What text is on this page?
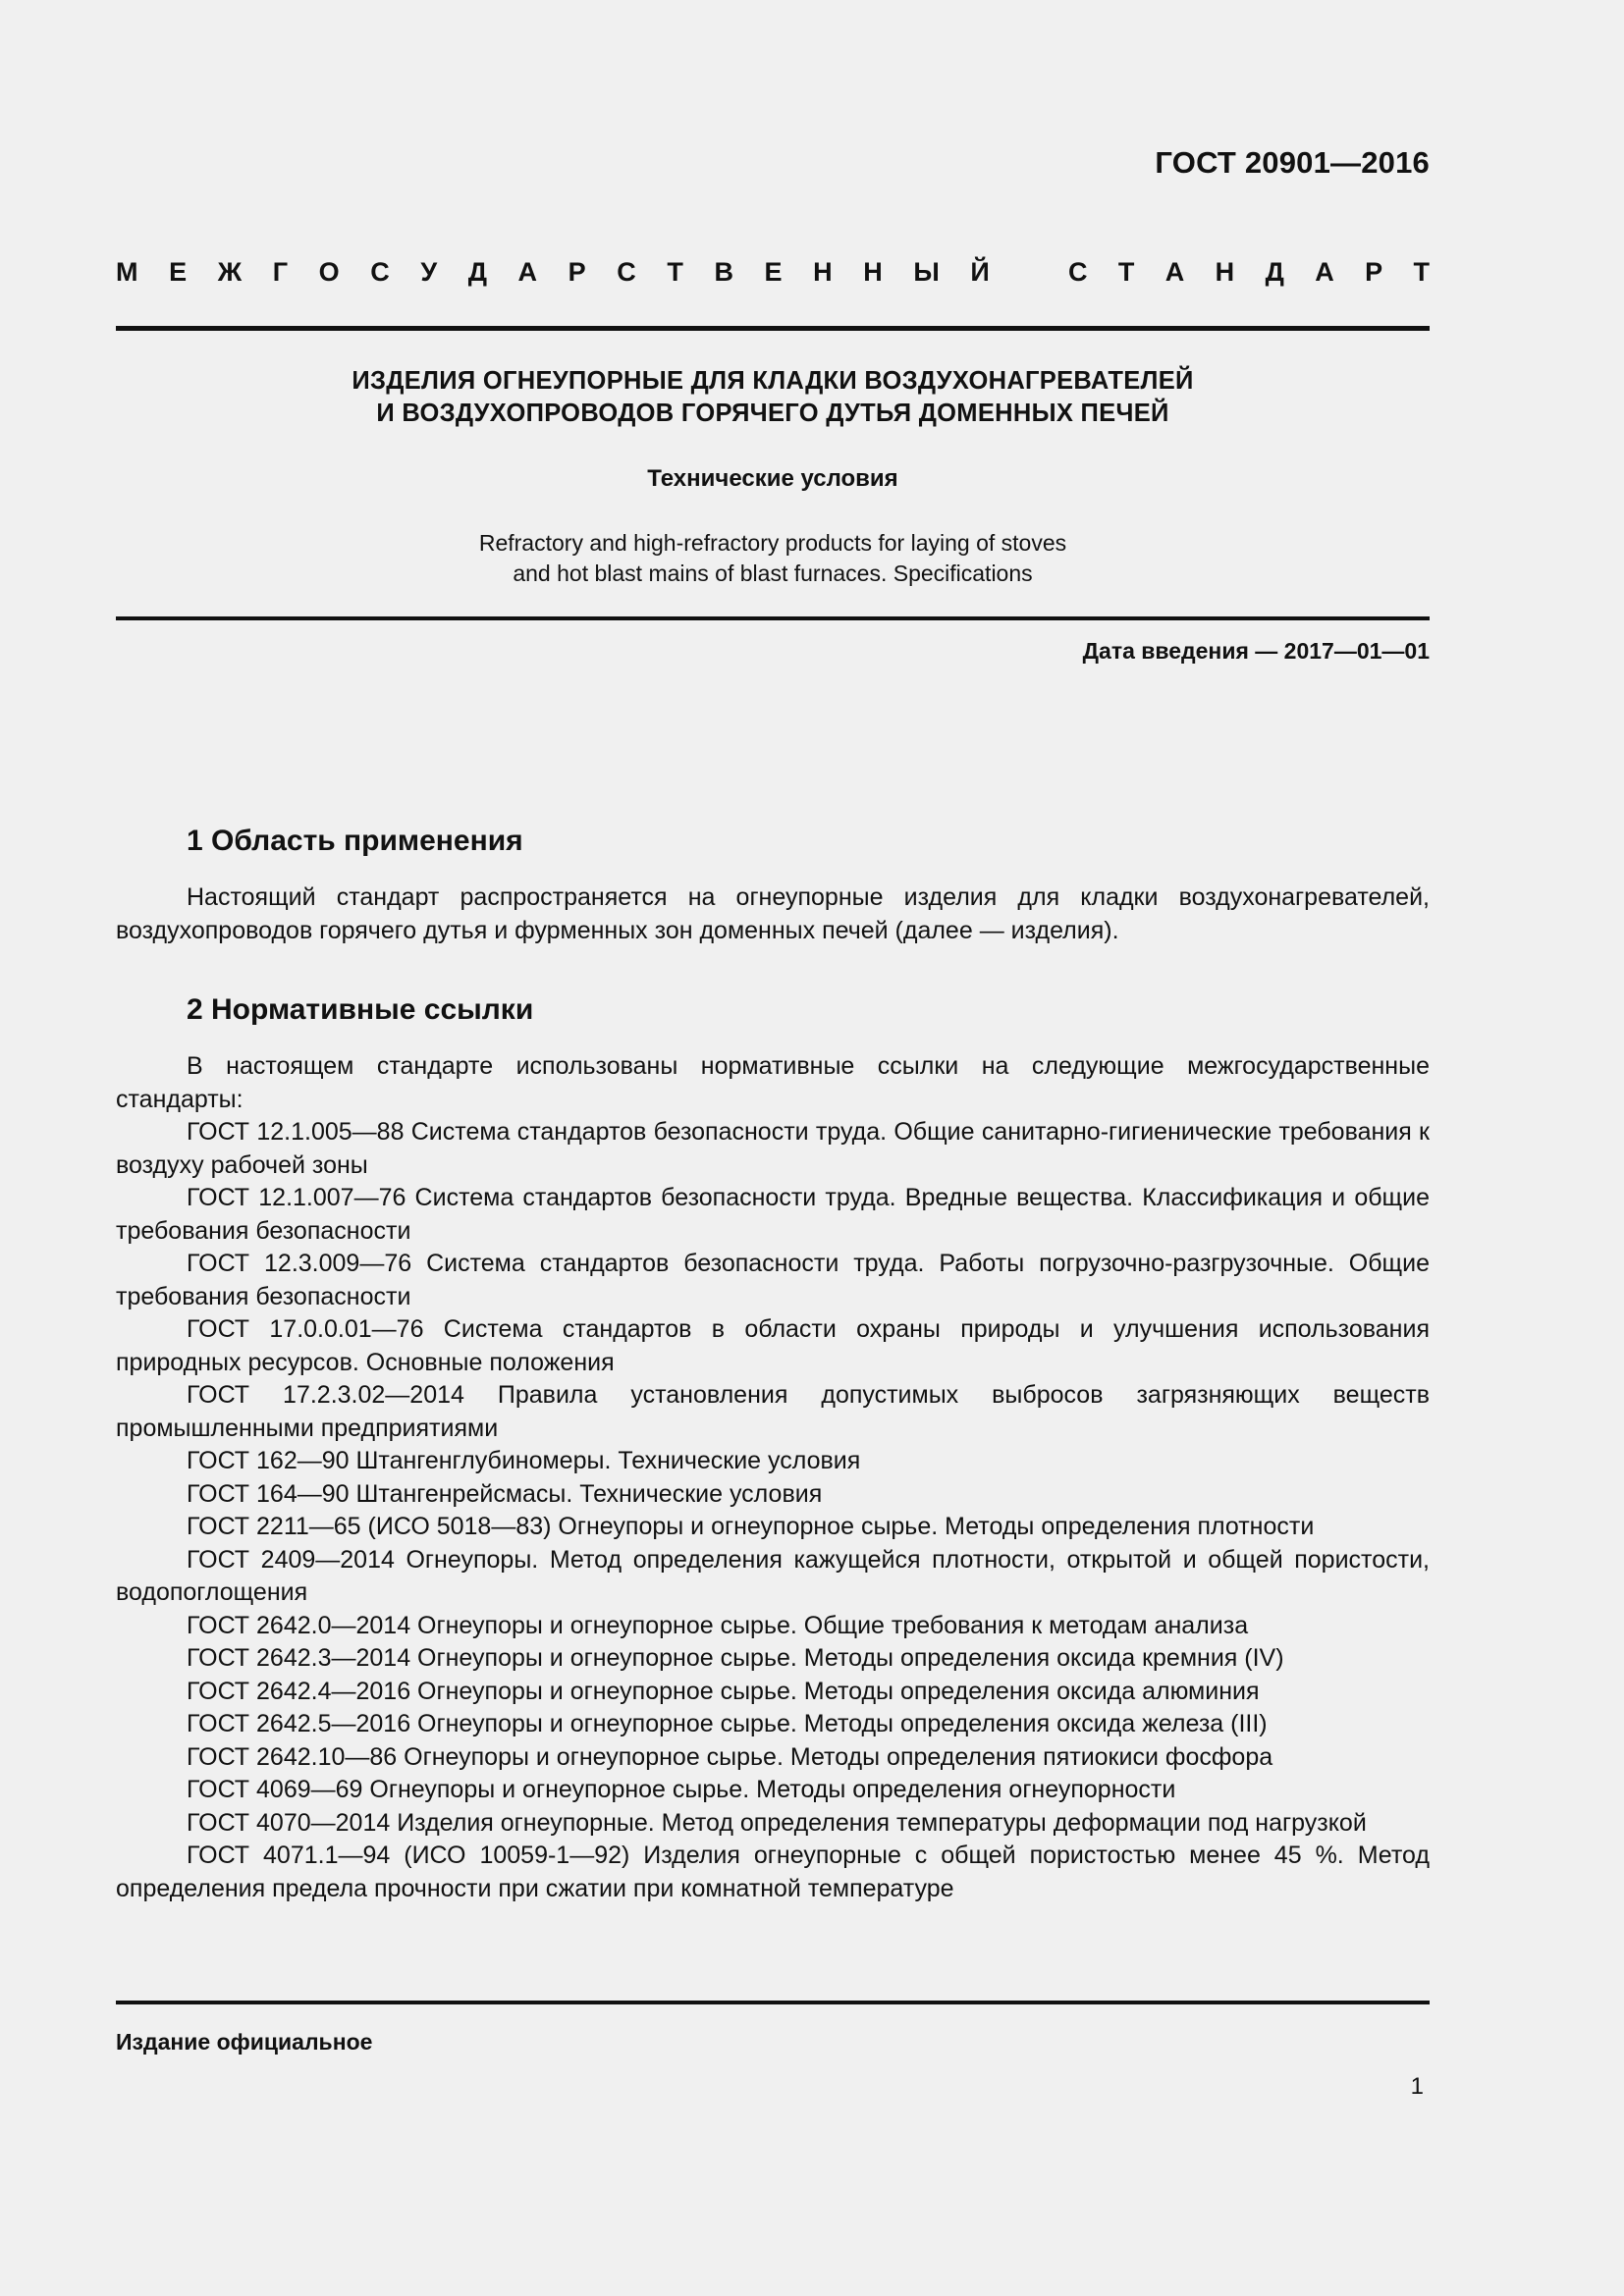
ГОСТ 20901—2016
М Е Ж Г О С У Д А Р С Т В Е Н Н Ы Й	С Т А Н Д А Р Т
ИЗДЕЛИЯ ОГНЕУПОРНЫЕ ДЛЯ КЛАДКИ ВОЗДУХОНАГРЕВАТЕЛЕЙ
И ВОЗДУХОПРОВОДОВ ГОРЯЧЕГО ДУТЬЯ ДОМЕННЫХ ПЕЧЕЙ
Технические условия
Refractory and high-refractory products for laying of stoves
and hot blast mains of blast furnaces. Specifications
Дата введения — 2017—01—01
1 Область применения

Настоящий стандарт распространяется на огнеупорные изделия для кладки воздухонагревателей, воздухопроводов горячего дутья и фурменных зон доменных печей (далее — изделия).

2 Нормативные ссылки

В настоящем стандарте использованы нормативные ссылки на следующие межгосударственные стандарты:

ГОСТ 12.1.005—88 Система стандартов безопасности труда. Общие санитарно-гигиенические требования к воздуху рабочей зоны

ГОСТ 12.1.007—76 Система стандартов безопасности труда. Вредные вещества. Классификация и общие требования безопасности

ГОСТ 12.3.009—76 Система стандартов безопасности труда. Работы погрузочно-разгрузочные. Общие требования безопасности

ГОСТ 17.0.0.01—76 Система стандартов в области охраны природы и улучшения использования природных ресурсов. Основные положения

ГОСТ 17.2.3.02—2014 Правила установления допустимых выбросов загрязняющих веществ промышленными предприятиями

ГОСТ 162—90 Штангенглубиномеры. Технические условия

ГОСТ 164—90 Штангенрейсмасы. Технические условия

ГОСТ 2211—65 (ИСО 5018—83) Огнеупоры и огнеупорное сырье. Методы определения плотности

ГОСТ 2409—2014 Огнеупоры. Метод определения кажущейся плотности, открытой и общей пористости, водопоглощения

ГОСТ 2642.0—2014 Огнеупоры и огнеупорное сырье. Общие требования к методам анализа

ГОСТ 2642.3—2014 Огнеупоры и огнеупорное сырье. Методы определения оксида кремния (IV)

ГОСТ 2642.4—2016 Огнеупоры и огнеупорное сырье. Методы определения оксида алюминия

ГОСТ 2642.5—2016 Огнеупоры и огнеупорное сырье. Методы определения оксида железа (III)

ГОСТ 2642.10—86 Огнеупоры и огнеупорное сырье. Методы определения пятиокиси фосфора

ГОСТ 4069—69 Огнеупоры и огнеупорное сырье. Методы определения огнеупорности

ГОСТ 4070—2014 Изделия огнеупорные. Метод определения температуры деформации под нагрузкой

ГОСТ 4071.1—94 (ИСО 10059-1—92) Изделия огнеупорные с общей пористостью менее 45 %. Метод определения предела прочности при сжатии при комнатной температуре

Издание официальное
1
